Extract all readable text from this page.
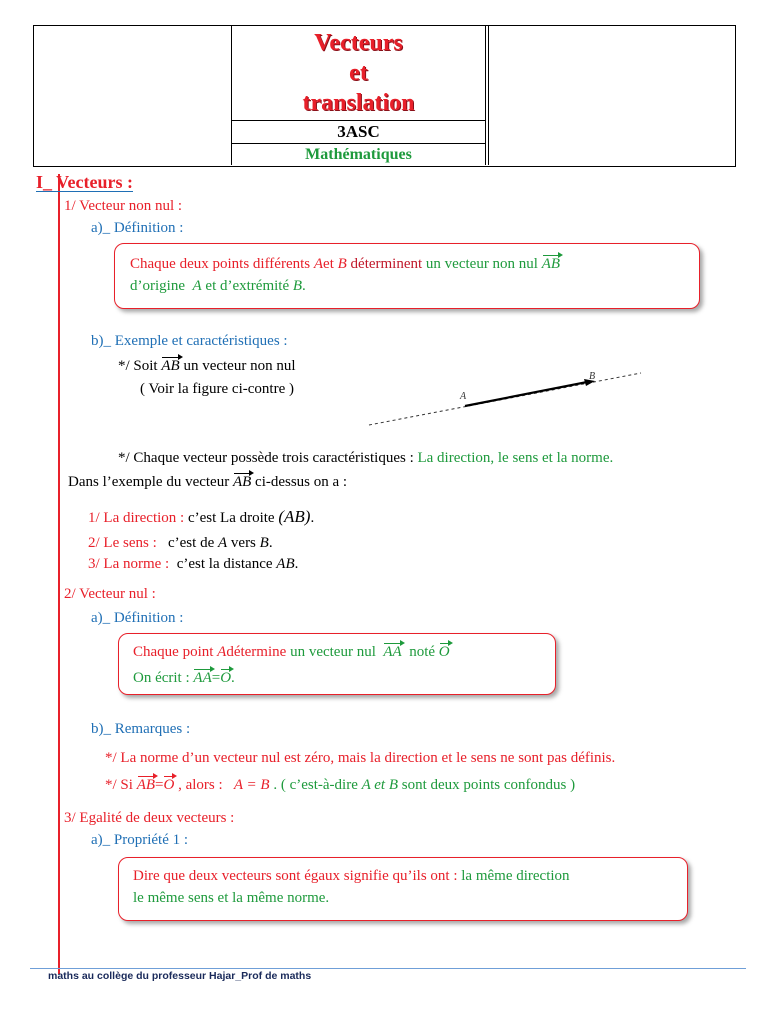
Vecteurs
et
translation
3ASC
Mathématiques
I_ Vecteurs :
1/ Vecteur non nul :
a)_ Définition :
Chaque deux points différents Aet B déterminent un vecteur non nul AB
d’origine A et d’extrémité B.
b)_ Exemple et caractéristiques :
*/ Soit AB un vecteur non nul
( Voir la figure ci-contre )	A
B
*/ Chaque vecteur possède trois caractéristiques : La direction, le sens et la norme.
Dans l’exemple du vecteur AB ci-dessus on a :
1/ La direction : c’est La droite (AB).
2/ Le sens : c’est de A vers B.
3/ La norme : c’est la distance AB.
2/ Vecteur nul :
a)_ Définition :
Chaque point Adétermine un vecteur nul AA noté O
On écrit : AA=O.
b)_ Remarques :
*/ La norme d’un vecteur nul est zéro, mais la direction et le sens ne sont pas définis.
*/ Si AB=O , alors : A = B . ( c’est-à-dire A et B sont deux points confondus )
3/ Egalité de deux vecteurs :
a)_ Propriété 1 :
Dire que deux vecteurs sont égaux signifie qu’ils ont : la même direction
le même sens et la même norme.
maths au collège du professeur Hajar_Prof de maths
